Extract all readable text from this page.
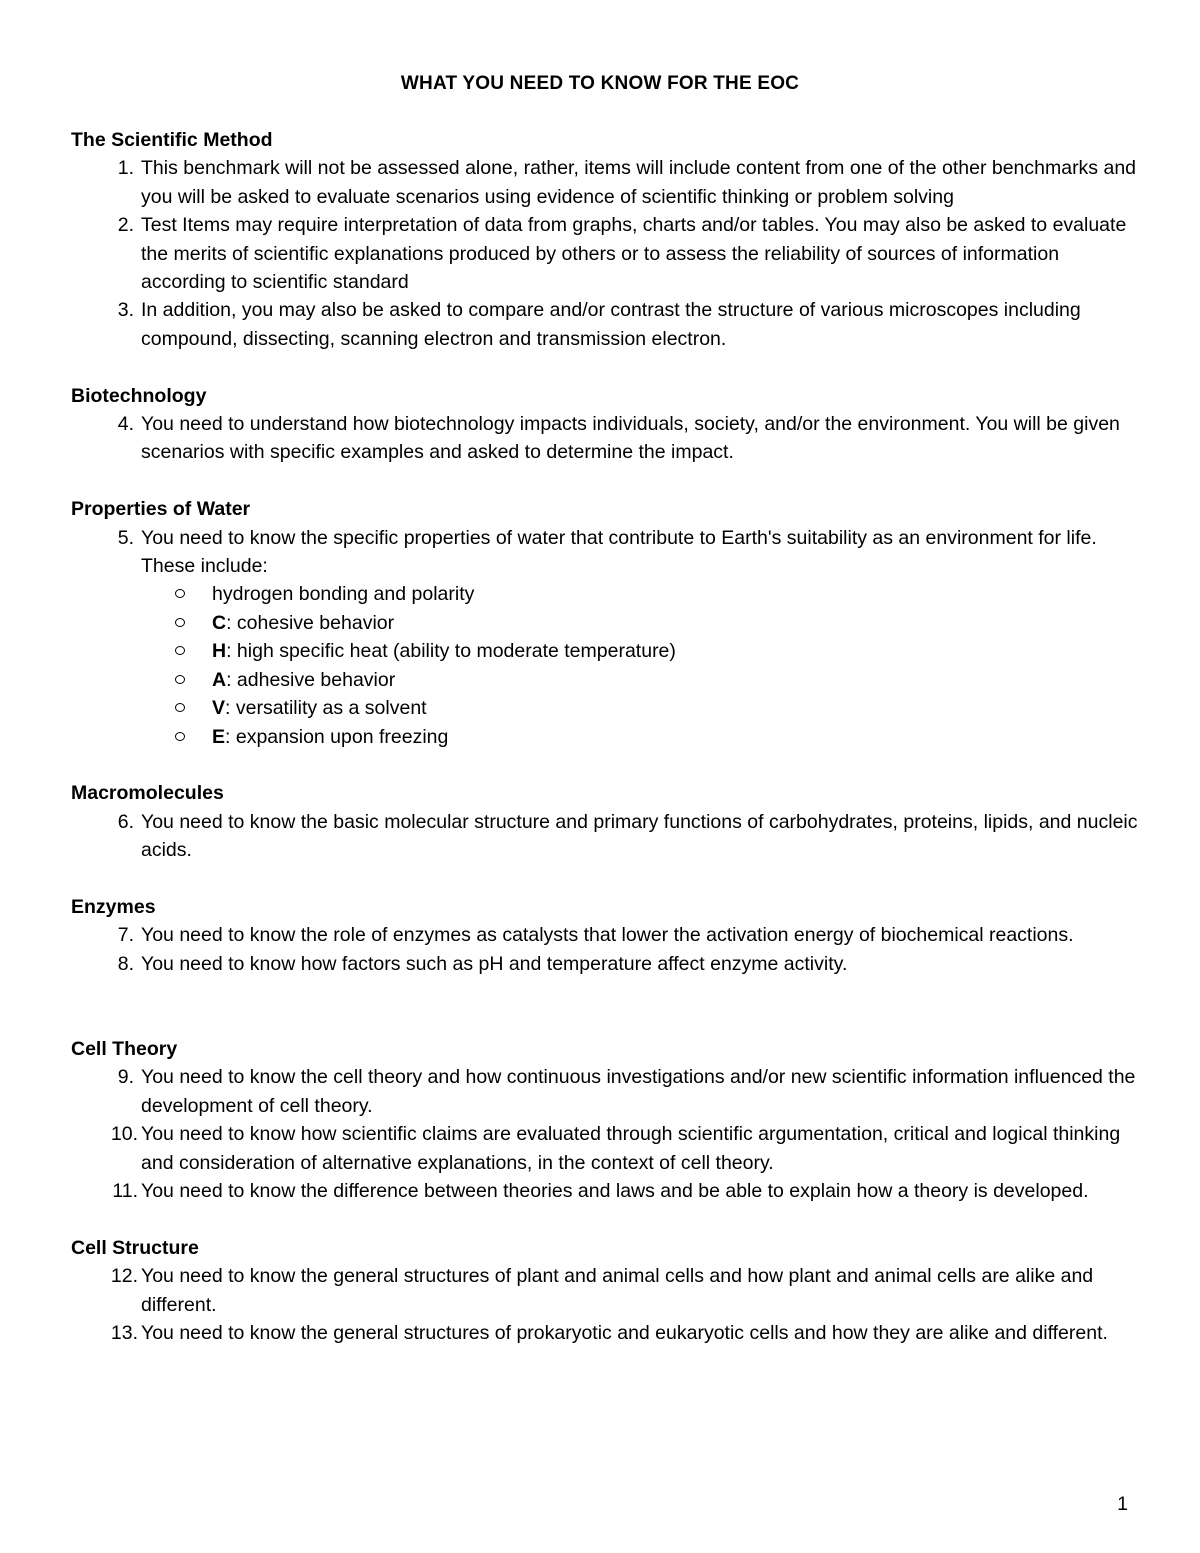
WHAT YOU NEED TO KNOW FOR THE EOC
The Scientific Method
1. This benchmark will not be assessed alone, rather, items will include content from one of the other benchmarks and you will be asked to evaluate scenarios using evidence of scientific thinking or problem solving
2. Test Items may require interpretation of data from graphs, charts and/or tables. You may also be asked to evaluate the merits of scientific explanations produced by others or to assess the reliability of sources of information according to scientific standard
3. In addition, you may also be asked to compare and/or contrast the structure of various microscopes including compound, dissecting, scanning electron and transmission electron.
Biotechnology
4. You need to understand how biotechnology impacts individuals, society, and/or the environment. You will be given scenarios with specific examples and asked to determine the impact.
Properties of Water
5. You need to know the specific properties of water that contribute to Earth's suitability as an environment for life. These include:
hydrogen bonding and polarity
C: cohesive behavior
H: high specific heat (ability to moderate temperature)
A: adhesive behavior
V: versatility as a solvent
E: expansion upon freezing
Macromolecules
6. You need to know the basic molecular structure and primary functions of carbohydrates, proteins, lipids, and nucleic acids.
Enzymes
7. You need to know the role of enzymes as catalysts that lower the activation energy of biochemical reactions.
8. You need to know how factors such as pH and temperature affect enzyme activity.
Cell Theory
9. You need to know the cell theory and how continuous investigations and/or new scientific information influenced the development of cell theory.
10. You need to know how scientific claims are evaluated through scientific argumentation, critical and logical thinking and consideration of alternative explanations, in the context of cell theory.
11. You need to know the difference between theories and laws and be able to explain how a theory is developed.
Cell Structure
12. You need to know the general structures of plant and animal cells and how plant and animal cells are alike and different.
13. You need to know the general structures of prokaryotic and eukaryotic cells and how they are alike and different.
1
